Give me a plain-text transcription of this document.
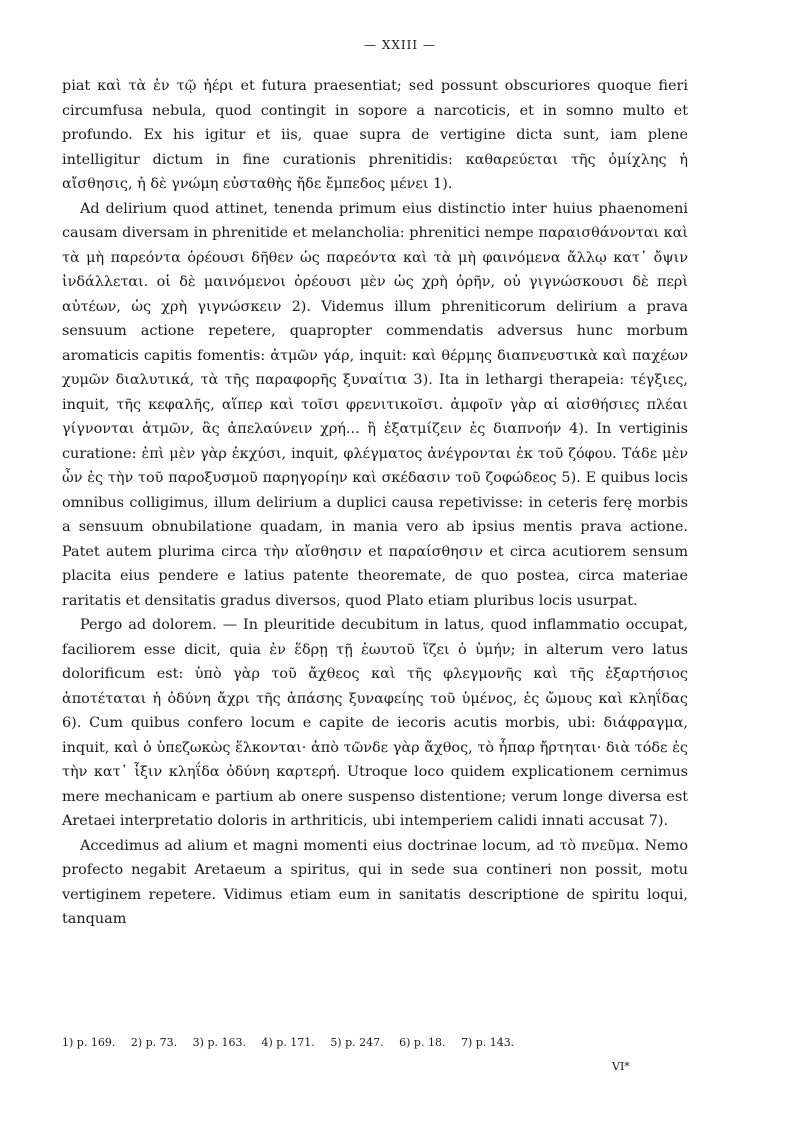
— XXIII —

piat καὶ τὰ ἐν τῷ ἠέρι et futura praesentiat; sed possunt obscuriores quoque fieri circumfusa nebula, quod contingit in sopore a narcoticis, et in somno multo et profundo. Ex his igitur et iis, quae supra de vertigine dicta sunt, iam plene intelligitur dictum in fine curationis phrenitidis: καθαρεύεται τῆς ὀμίχλης ἡ αἴσθησις, ἡ δὲ γνώμη εὐσταθὴς ἤδε ἔμπεδος μένει 1).

Ad delirium quod attinet, tenenda primum eius distinctio inter huius phaenomeni causam diversam in phrenitide et melancholia: phrenitici nempe παραισθάνονται καὶ τὰ μὴ παρεόντα ὁρέουσι δῆθεν ὡς παρεόντα καὶ τὰ μὴ φαινόμενα ἄλλῳ κατ᾽ ὄψιν ἰνδάλλεται. οἱ δὲ μαινόμενοι ὁρέουσι μὲν ὡς χρὴ ὁρῆν, οὐ γιγνώσκουσι δὲ περὶ αὐτέων, ὡς χρὴ γιγνώσκειν 2). Videmus illum phreniticorum delirium a prava sensuum actione repetere, quapropter commendatis adversus hunc morbum aromaticis capitis fomentis: ἀτμῶν γάρ, inquit: καὶ θέρμης διαπνευστικὰ καὶ παχέων χυμῶν διαλυτικά, τὰ τῆς παραφορῆς ξυναίτια 3). Ita in lethargi therapeia: τέγξιες, inquit, τῆς κεφαλῆς, αἵπερ καὶ τοῖσι φρενιτικοῖσι. ἀμφοῖν γὰρ αἱ αἰσθήσιες πλέαι γίγνονται ἀτμῶν, ἃς ἀπελαύνειν χρή... ἢ ἐξατμίζειν ἐς διαπνοήν 4). In vertiginis curatione: ἐπὶ μὲν γὰρ ἐκχύσι, inquit, φλέγματος ἀνέγρονται ἐκ τοῦ ζόφου. Τάδε μὲν ὦν ἐς τὴν τοῦ παροξυσμοῦ παρηγορίην καὶ σκέδασιν τοῦ ζοφώδεος 5). E quibus locis omnibus colligimus, illum delirium a duplici causa repetivisse: in ceteris ferę morbis a sensuum obnubilatione quadam, in mania vero ab ipsius mentis prava actione. Patet autem plurima circa τὴν αἴσθησιν et παραίσθησιν et circa acutiorem sensum placita eius pendere e latius patente theoremate, de quo postea, circa materiae raritatis et densitatis gradus diversos, quod Plato etiam pluribus locis usurpat.

Pergo ad dolorem. — In pleuritide decubitum in latus, quod inflammatio occupat, faciliorem esse dicit, quia ἐν ἕδρῃ τῇ ἑωυτοῦ ἵζει ὁ ὑμήν; in alterum vero latus dolorificum est: ὑπὸ γὰρ τοῦ ἄχθεος καὶ τῆς φλεγμονῆς καὶ τῆς ἐξαρτήσιος ἀποτέταται ἡ ὀδύνη ἄχρι τῆς ἀπάσης ξυναφείης τοῦ ὑμένος, ἐς ὤμους καὶ κληΐδας 6). Cum quibus confero locum e capite de iecoris acutis morbis, ubi: διάφραγμα, inquit, καὶ ὁ ὑπεζωκὼς ἕλκονται· ἀπὸ τῶνδε γὰρ ἄχθος, τὸ ἧπαρ ἤρτηται· διὰ τόδε ἐς τὴν κατ᾽ ἶξιν κληΐδα ὀδύνη καρτερή. Utroque loco quidem explicationem cernimus mere mechanicam e partium ab onere suspenso distentione; verum longe diversa est Aretaei interpretatio doloris in arthriticis, ubi intemperiem calidi innati accusat 7).

Accedimus ad alium et magni momenti eius doctrinae locum, ad τὸ πνεῦμα. Nemo profecto negabit Aretaeum a spiritus, qui in sede sua contineri non possit, motu vertiginem repetere. Vidimus etiam eum in sanitatis descriptione de spiritu loqui, tanquam

1) p. 169. 2) p. 73. 3) p. 163. 4) p. 171. 5) p. 247. 6) p. 18. 7) p. 143.
VI*
